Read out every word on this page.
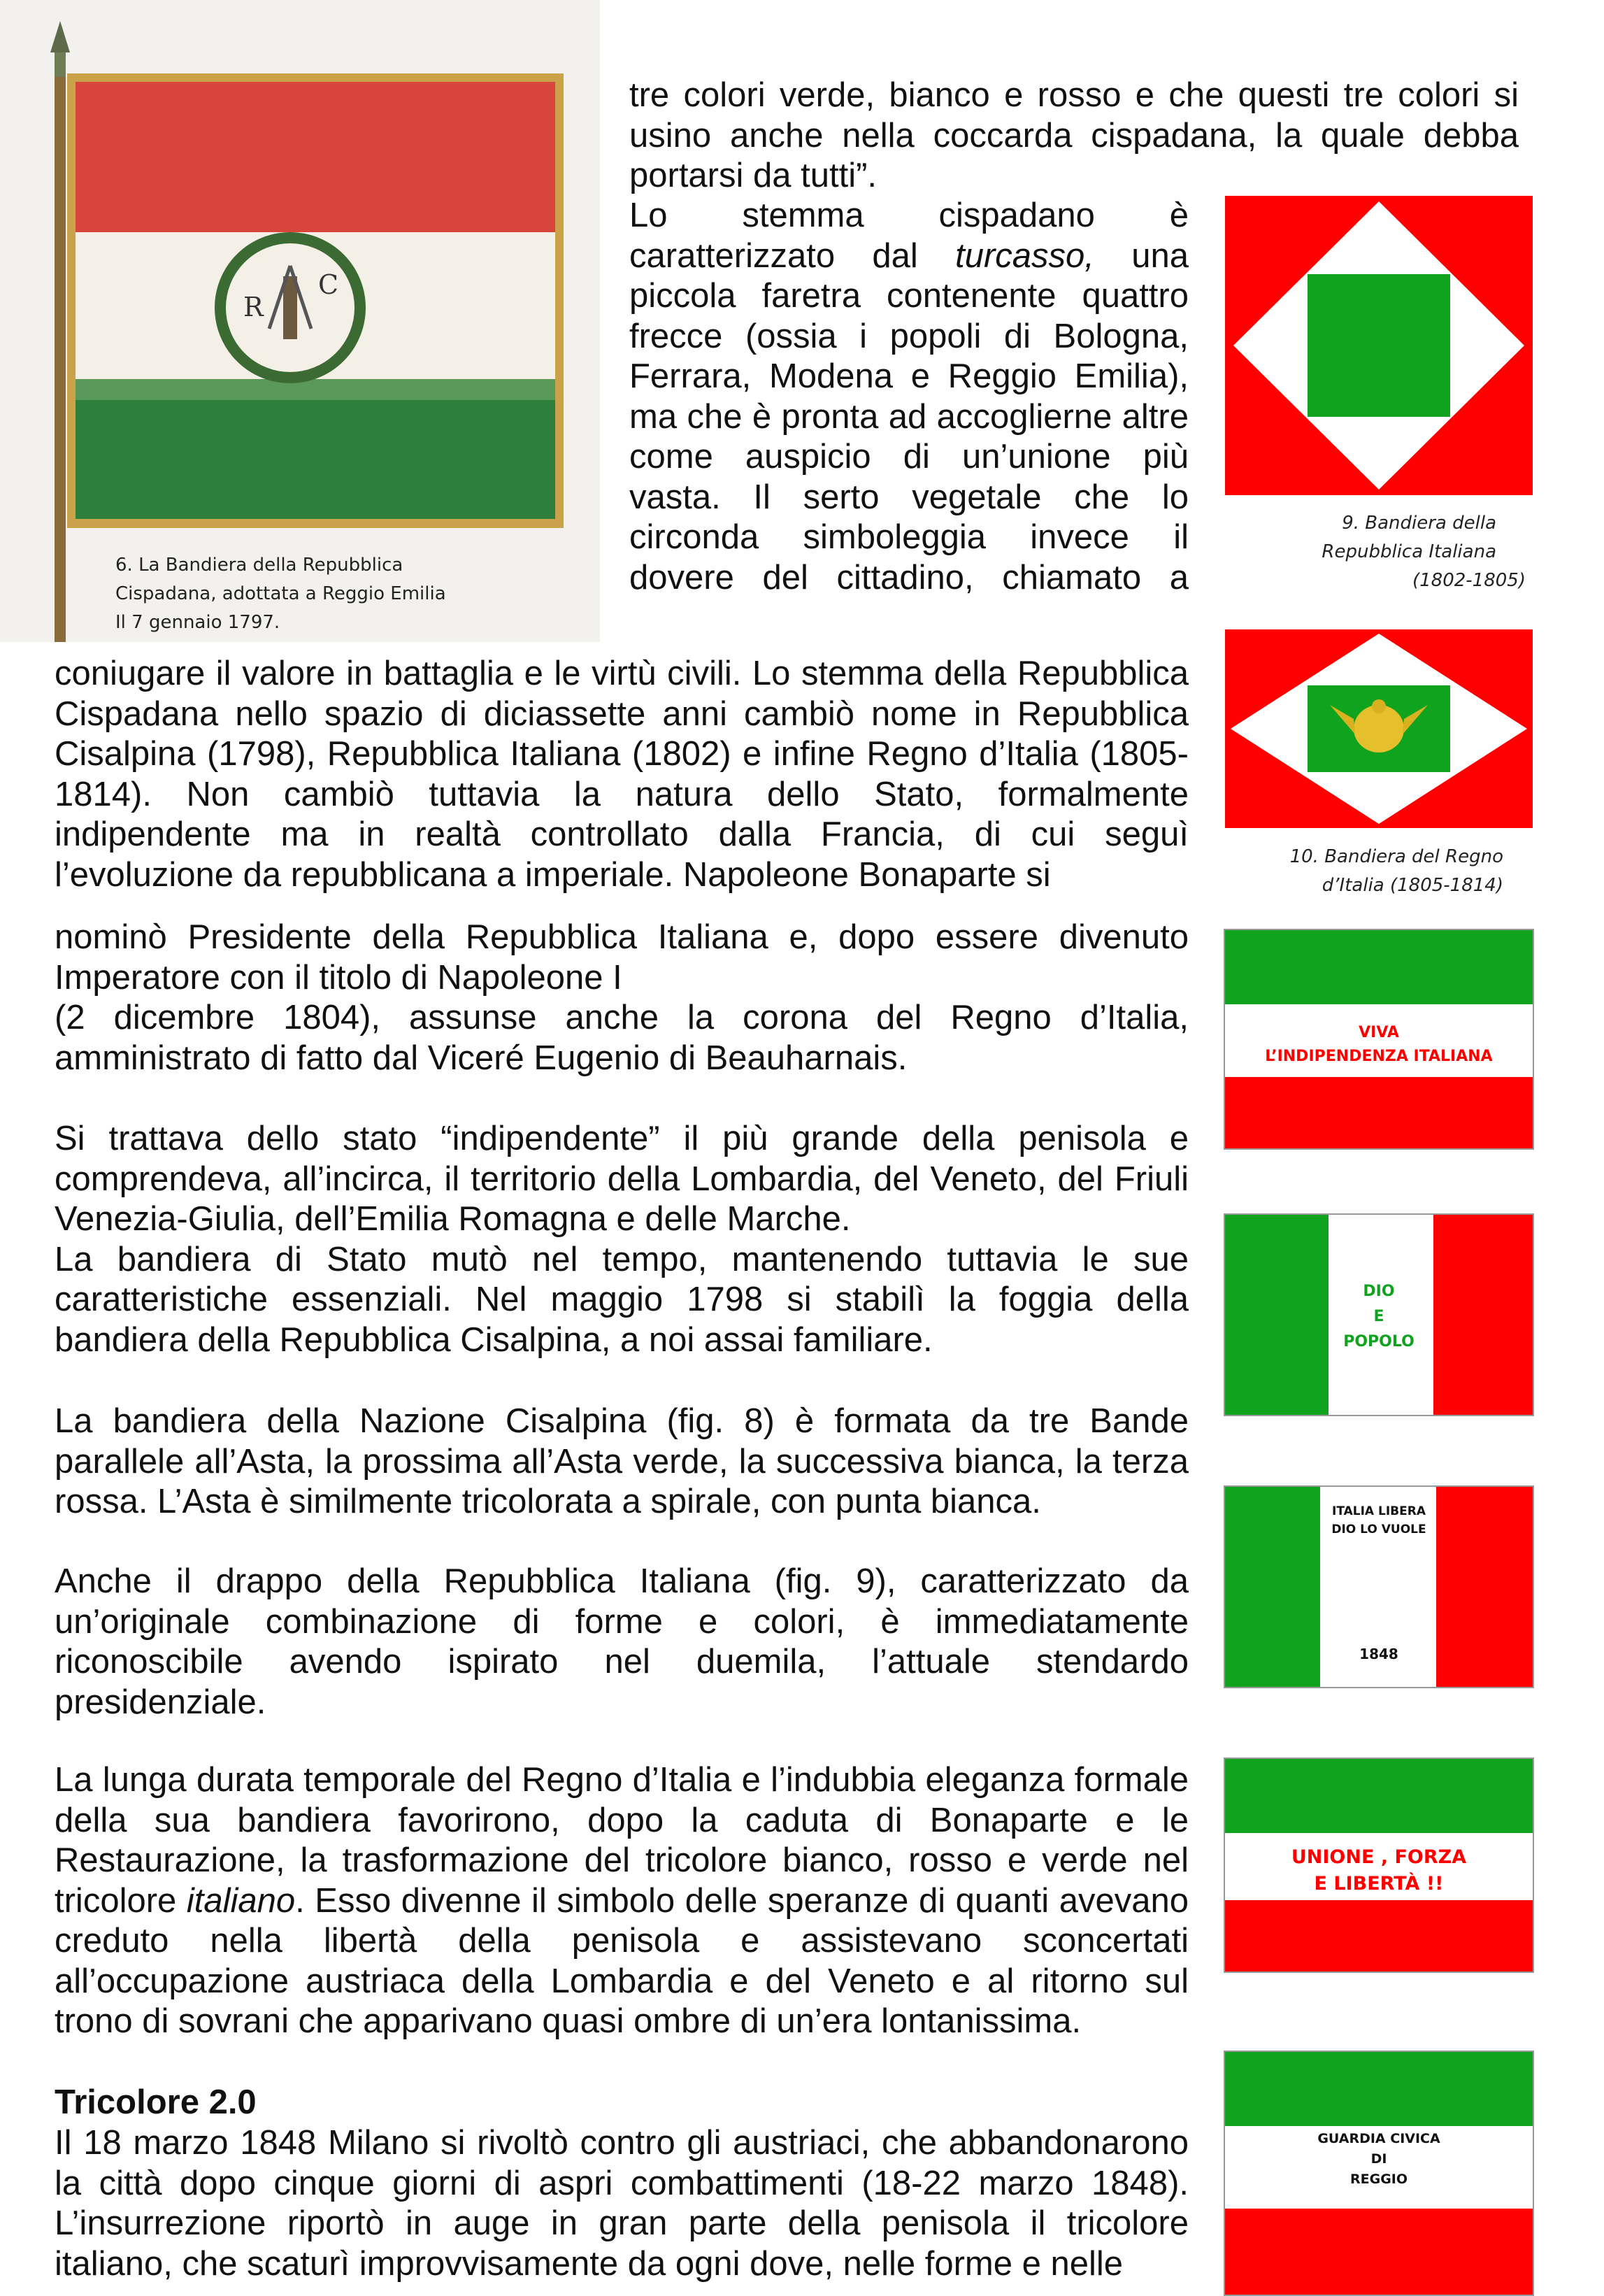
R
C
6. La Bandiera della Repubblica
Cispadana, adottata a Reggio Emilia
Il 7 gennaio 1797.
tre colori verde, bianco e rosso e che questi tre colori si
usino anche nella coccarda cispadana, la quale debba
portarsi da tutti”.

Lo stemma cispadano è caratterizzato dal turcasso, una piccola faretra contenente quattro frecce (ossia i popoli di Bologna, Ferrara, Modena e Reggio Emilia), ma che è pronta ad accoglierne altre come auspicio di un’unione più vasta. Il serto vegetale che lo circonda simboleggia invece il dovere del cittadino, chiamato a

9. Bandiera della
Repubblica Italiana
(1802-1805)

coniugare il valore in battaglia e le virtù civili. Lo stemma della Repubblica Cispadana nello spazio di diciassette anni cambiò nome in Repubblica Cisalpina (1798), Repubblica Italiana (1802) e infine Regno d’Italia (1805-1814). Non cambiò tuttavia la natura dello Stato, formalmente indipendente ma in realtà controllato dalla Francia, di cui seguì l’evoluzione da repubblicana a imperiale. Napoleone Bonaparte si	10. Bandiera del Regno
d’Italia (1805-1814)
nominò Presidente della Repubblica Italiana e, dopo essere divenuto Imperatore con il titolo di Napoleone I
(2 dicembre 1804), assunse anche la corona del Regno d’Italia, amministrato di fatto dal Viceré Eugenio di Beauharnais.
VIVA
L’INDIPENDENZA ITALIANA
Si trattava dello stato “indipendente” il più grande della penisola e comprendeva, all’incirca, il territorio della Lombardia, del Veneto, del Friuli Venezia-Giulia, dell’Emilia Romagna e delle Marche.
La bandiera di Stato mutò nel tempo, mantenendo tuttavia le sue caratteristiche essenziali. Nel maggio 1798 si stabilì la foggia della bandiera della Repubblica Cisalpina, a noi assai familiare.
DIO
E
POPOLO

La bandiera della Nazione Cisalpina (fig. 8) è formata da tre Bande parallele all’Asta, la prossima all’Asta verde, la successiva bianca, la terza rossa. L’Asta è similmente tricolorata a spirale, con punta bianca.	ITALIA LIBERA
DIO LO VUOLE
1848

Anche il drappo della Repubblica Italiana (fig. 9), caratterizzato da un’originale combinazione di forme e colori, è immediatamente riconoscibile avendo ispirato nel duemila, l’attuale stendardo presidenziale.

UNIONE , FORZA
E LIBERTÀ !!

La lunga durata temporale del Regno d’Italia e l’indubbia eleganza formale della sua bandiera favorirono, dopo la caduta di Bonaparte e le Restaurazione, la trasformazione del tricolore bianco, rosso e verde nel tricolore italiano. Esso divenne il simbolo delle speranze di quanti avevano creduto nella libertà della penisola e assistevano sconcertati all’occupazione austriaca della Lombardia e del Veneto e al ritorno sul trono di sovrani che apparivano quasi ombre di un’era lontanissima.

Tricolore 2.0
GUARDIA CIVICA
DI
REGGIO

Il 18 marzo 1848 Milano si rivoltò contro gli austriaci, che abbandonarono la città dopo cinque giorni di aspri combattimenti (18-22 marzo 1848). L’insurrezione riportò in auge in gran parte della penisola il tricolore italiano, che scaturì improvvisamente da ogni dove, nelle forme e nelle
